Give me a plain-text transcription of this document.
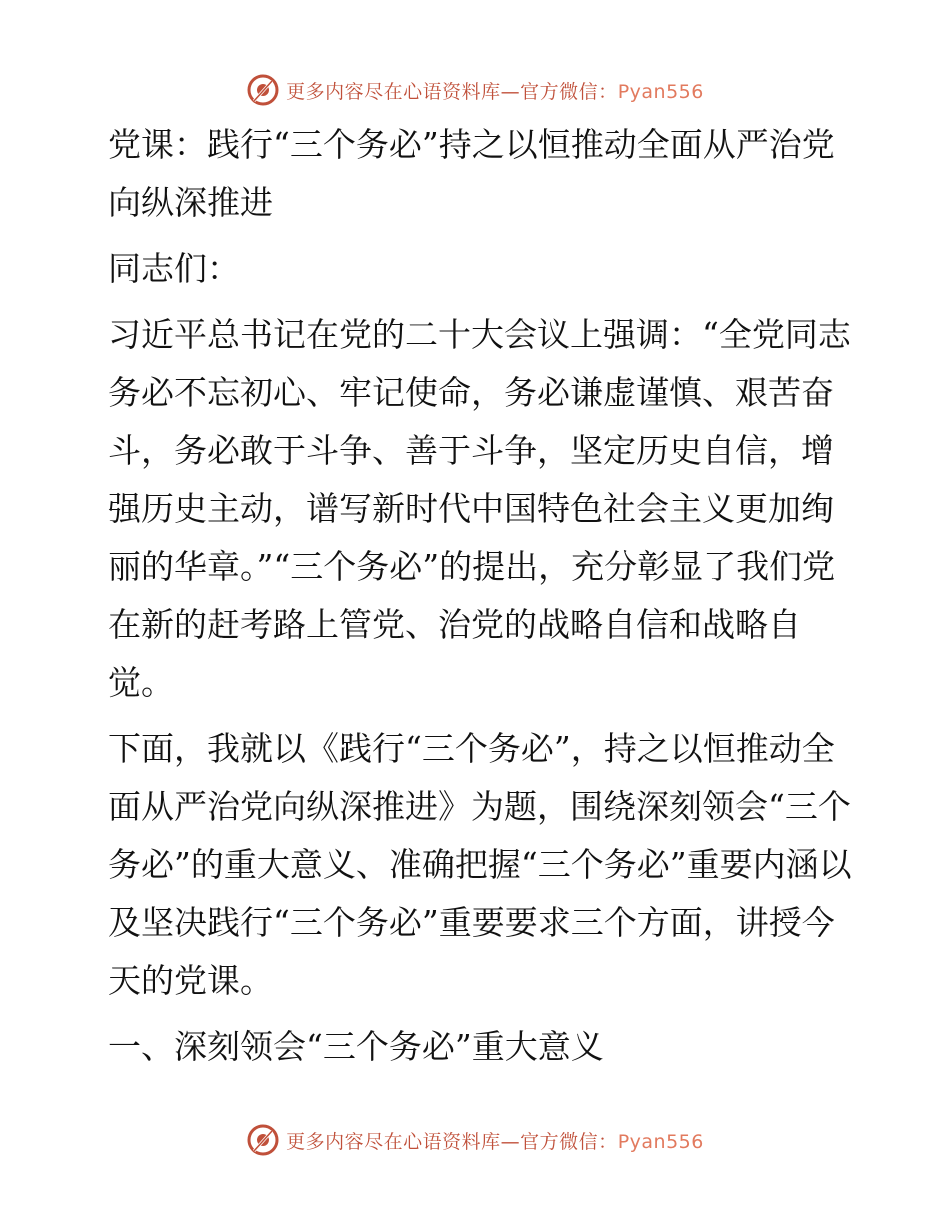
更多内容尽在心语资料库—官方微信：Pyan556

党课：践行“三个务必”持之以恒推动全面从严治党向纵深推进

同志们：

习近平总书记在党的二十大会议上强调：“全党同志务必不忘初心、牢记使命，务必谦虚谨慎、艰苦奋斗，务必敢于斗争、善于斗争，坚定历史自信，增强历史主动，谱写新时代中国特色社会主义更加绚丽的华章。”“三个务必”的提出，充分彰显了我们党在新的赶考路上管党、治党的战略自信和战略自觉。

下面，我就以《践行“三个务必”，持之以恒推动全面从严治党向纵深推进》为题，围绕深刻领会“三个务必”的重大意义、准确把握“三个务必”重要内涵以及坚决践行“三个务必”重要要求三个方面，讲授今天的党课。

一、深刻领会“三个务必”重大意义

更多内容尽在心语资料库—官方微信：Pyan556
